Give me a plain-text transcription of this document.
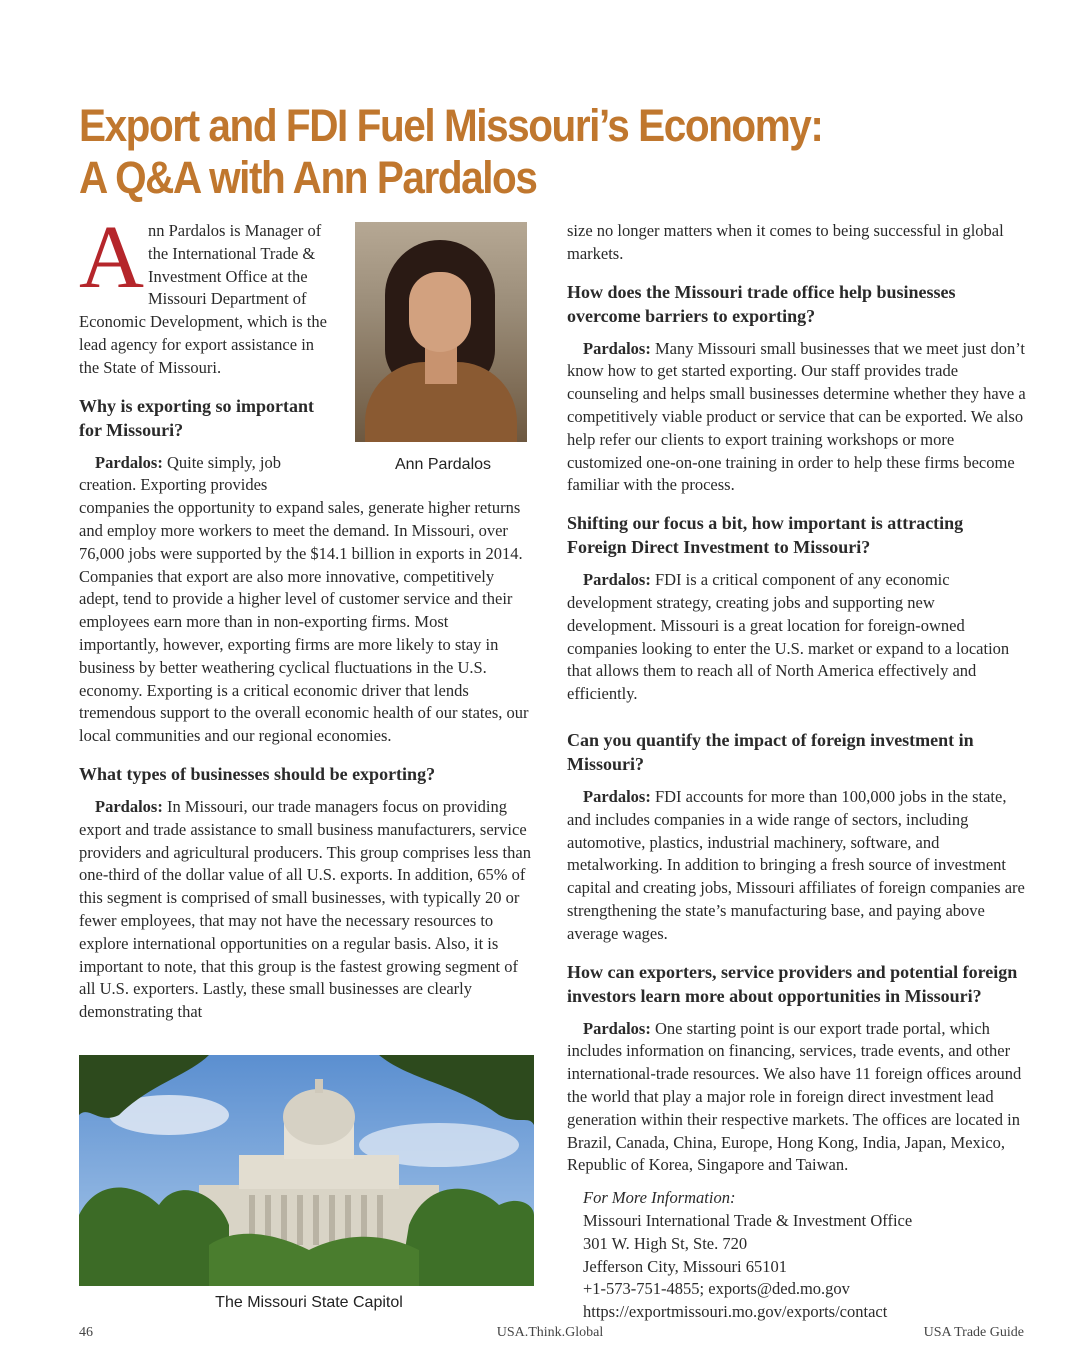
Export and FDI Fuel Missouri’s Economy:
A Q&A with Ann Pardalos
Ann Pardalos

Ann Pardalos is Manager of the International Trade & Investment Office at the Missouri Department of Economic Development, which is the lead agency for export assistance in the State of Missouri.

Why is exporting so important for Missouri?

Pardalos: Quite simply, job creation. Exporting provides companies the opportunity to expand sales, generate higher returns and employ more workers to meet the demand. In Missouri, over 76,000 jobs were supported by the $14.1 billion in exports in 2014. Companies that export are also more innovative, competitively adept, tend to provide a higher level of customer service and their employees earn more than in non-exporting firms. Most importantly, however, exporting firms are more likely to stay in business by better weathering cyclical fluctuations in the U.S. economy. Exporting is a critical economic driver that lends tremendous support to the overall economic health of our states, our local communities and our regional economies.

What types of businesses should be exporting?

Pardalos: In Missouri, our trade managers focus on providing export and trade assistance to small business manufacturers, service providers and agricultural producers. This group comprises less than one-third of the dollar value of all U.S. exports. In addition, 65% of this segment is comprised of small businesses, with typically 20 or fewer employees, that may not have the necessary resources to explore international opportunities on a regular basis. Also, it is important to note, that this group is the fastest growing segment of all U.S. exporters. Lastly, these small businesses are clearly demonstrating that

The Missouri State Capitol

size no longer matters when it comes to being successful in global markets.

How does the Missouri trade office help businesses overcome barriers to exporting?

Pardalos: Many Missouri small businesses that we meet just don’t know how to get started exporting. Our staff provides trade counseling and helps small businesses determine whether they have a competitively viable product or service that can be exported. We also help refer our clients to export training workshops or more customized one-on-one training in order to help these firms become familiar with the process.

Shifting our focus a bit, how important is attracting Foreign Direct Investment to Missouri?

Pardalos: FDI is a critical component of any economic development strategy, creating jobs and supporting new development. Missouri is a great location for foreign-owned companies looking to enter the U.S. market or expand to a location that allows them to reach all of North America effectively and efficiently.

Can you quantify the impact of foreign investment in Missouri?

Pardalos: FDI accounts for more than 100,000 jobs in the state, and includes companies in a wide range of sectors, including automotive, plastics, industrial machinery, software, and metalworking. In addition to bringing a fresh source of investment capital and creating jobs, Missouri affiliates of foreign companies are strengthening the state’s manufacturing base, and paying above average wages.

How can exporters, service providers and potential foreign investors learn more about opportunities in Missouri?

Pardalos: One starting point is our export trade portal, which includes information on financing, services, trade events, and other international-trade resources. We also have 11 foreign offices around the world that play a major role in foreign direct investment lead generation within their respective markets. The offices are located in Brazil, Canada, China, Europe, Hong Kong, India, Japan, Mexico, Republic of Korea, Singapore and Taiwan.

For More Information:

Missouri International Trade & Investment Office

301 W. High St, Ste. 720

Jefferson City, Missouri 65101

+1-573-751-4855; exports@ded.mo.gov

https://exportmissouri.mo.gov/exports/contact

46	USA.Think.Global	USA Trade Guide
